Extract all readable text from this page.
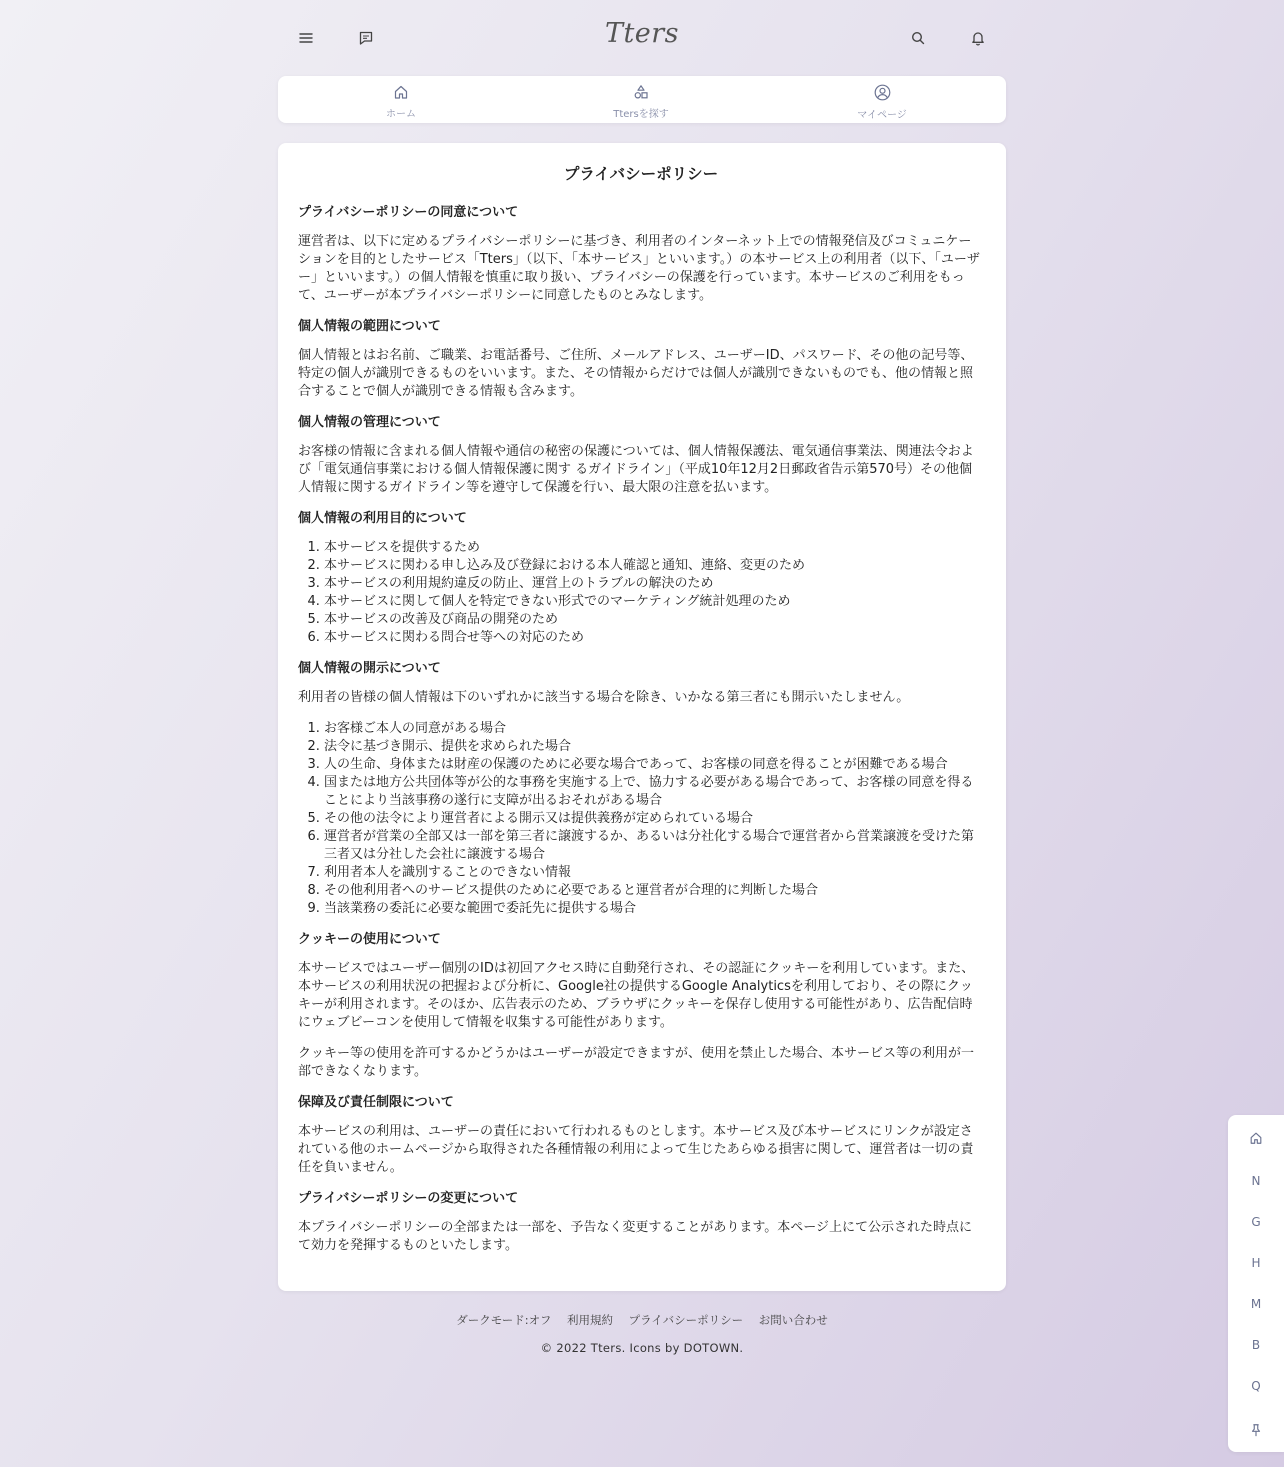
Tters
ホーム	Ttersを探す	マイページ
プライバシーポリシー
プライバシーポリシーの同意について

運営者は、以下に定めるプライバシーポリシーに基づき、利用者のインターネット上での情報発信及びコミュニケーションを目的としたサービス「Tters」（以下、「本サービス」といいます。）の本サービス上の利用者（以下、「ユーザー」といいます。）の個人情報を慎重に取り扱い、プライバシーの保護を行っています。本サービスのご利用をもって、ユーザーが本プライバシーポリシーに同意したものとみなします。

個人情報の範囲について

個人情報とはお名前、ご職業、お電話番号、ご住所、メールアドレス、ユーザーID、パスワード、その他の記号等、特定の個人が識別できるものをいいます。また、その情報からだけでは個人が識別できないものでも、他の情報と照合することで個人が識別できる情報も含みます。

個人情報の管理について

お客様の情報に含まれる個人情報や通信の秘密の保護については、個人情報保護法、電気通信事業法、関連法令および「電気通信事業における個人情報保護に関す るガイドライン」（平成10年12月2日郵政省告示第570号）その他個人情報に関するガイドライン等を遵守して保護を行い、最大限の注意を払います。

個人情報の利用目的について
1. 本サービスを提供するため
2. 本サービスに関わる申し込み及び登録における本人確認と通知、連絡、変更のため
3. 本サービスの利用規約違反の防止、運営上のトラブルの解決のため
4. 本サービスに関して個人を特定できない形式でのマーケティング統計処理のため
5. 本サービスの改善及び商品の開発のため
6. 本サービスに関わる問合せ等への対応のため
個人情報の開示について

利用者の皆様の個人情報は下のいずれかに該当する場合を除き、いかなる第三者にも開示いたしません。

1. お客様ご本人の同意がある場合
2. 法令に基づき開示、提供を求められた場合
3. 人の生命、身体または財産の保護のために必要な場合であって、お客様の同意を得ることが困難である場合
4. 国または地方公共団体等が公的な事務を実施する上で、協力する必要がある場合であって、お客様の同意を得ることにより当該事務の遂行に支障が出るおそれがある場合
5. その他の法令により運営者による開示又は提供義務が定められている場合
6. 運営者が営業の全部又は一部を第三者に譲渡するか、あるいは分社化する場合で運営者から営業譲渡を受けた第三者又は分社した会社に譲渡する場合
7. 利用者本人を識別することのできない情報
8. その他利用者へのサービス提供のために必要であると運営者が合理的に判断した場合
9. 当該業務の委託に必要な範囲で委託先に提供する場合
クッキーの使用について

本サービスではユーザー個別のIDは初回アクセス時に自動発行され、その認証にクッキーを利用しています。また、本サービスの利用状況の把握および分析に、Google社の提供するGoogle Analyticsを利用しており、その際にクッキーが利用されます。そのほか、広告表示のため、ブラウザにクッキーを保存し使用する可能性があり、広告配信時にウェブビーコンを使用して情報を収集する可能性があります。

クッキー等の使用を許可するかどうかはユーザーが設定できますが、使用を禁止した場合、本サービス等の利用が一部できなくなります。

保障及び責任制限について

本サービスの利用は、ユーザーの責任において行われるものとします。本サービス及び本サービスにリンクが設定されている他のホームページから取得された各種情報の利用によって生じたあらゆる損害に関して、運営者は一切の責任を負いません。

プライバシーポリシーの変更について

本プライバシーポリシーの全部または一部を、予告なく変更することがあります。本ページ上にて公示された時点にて効力を発揮するものといたします。

ダークモード:オフ 利用規約 プライバシーポリシー お問い合わせ
© 2022 Tters. Icons by DOTOWN.
N
G
H
M
B
Q
